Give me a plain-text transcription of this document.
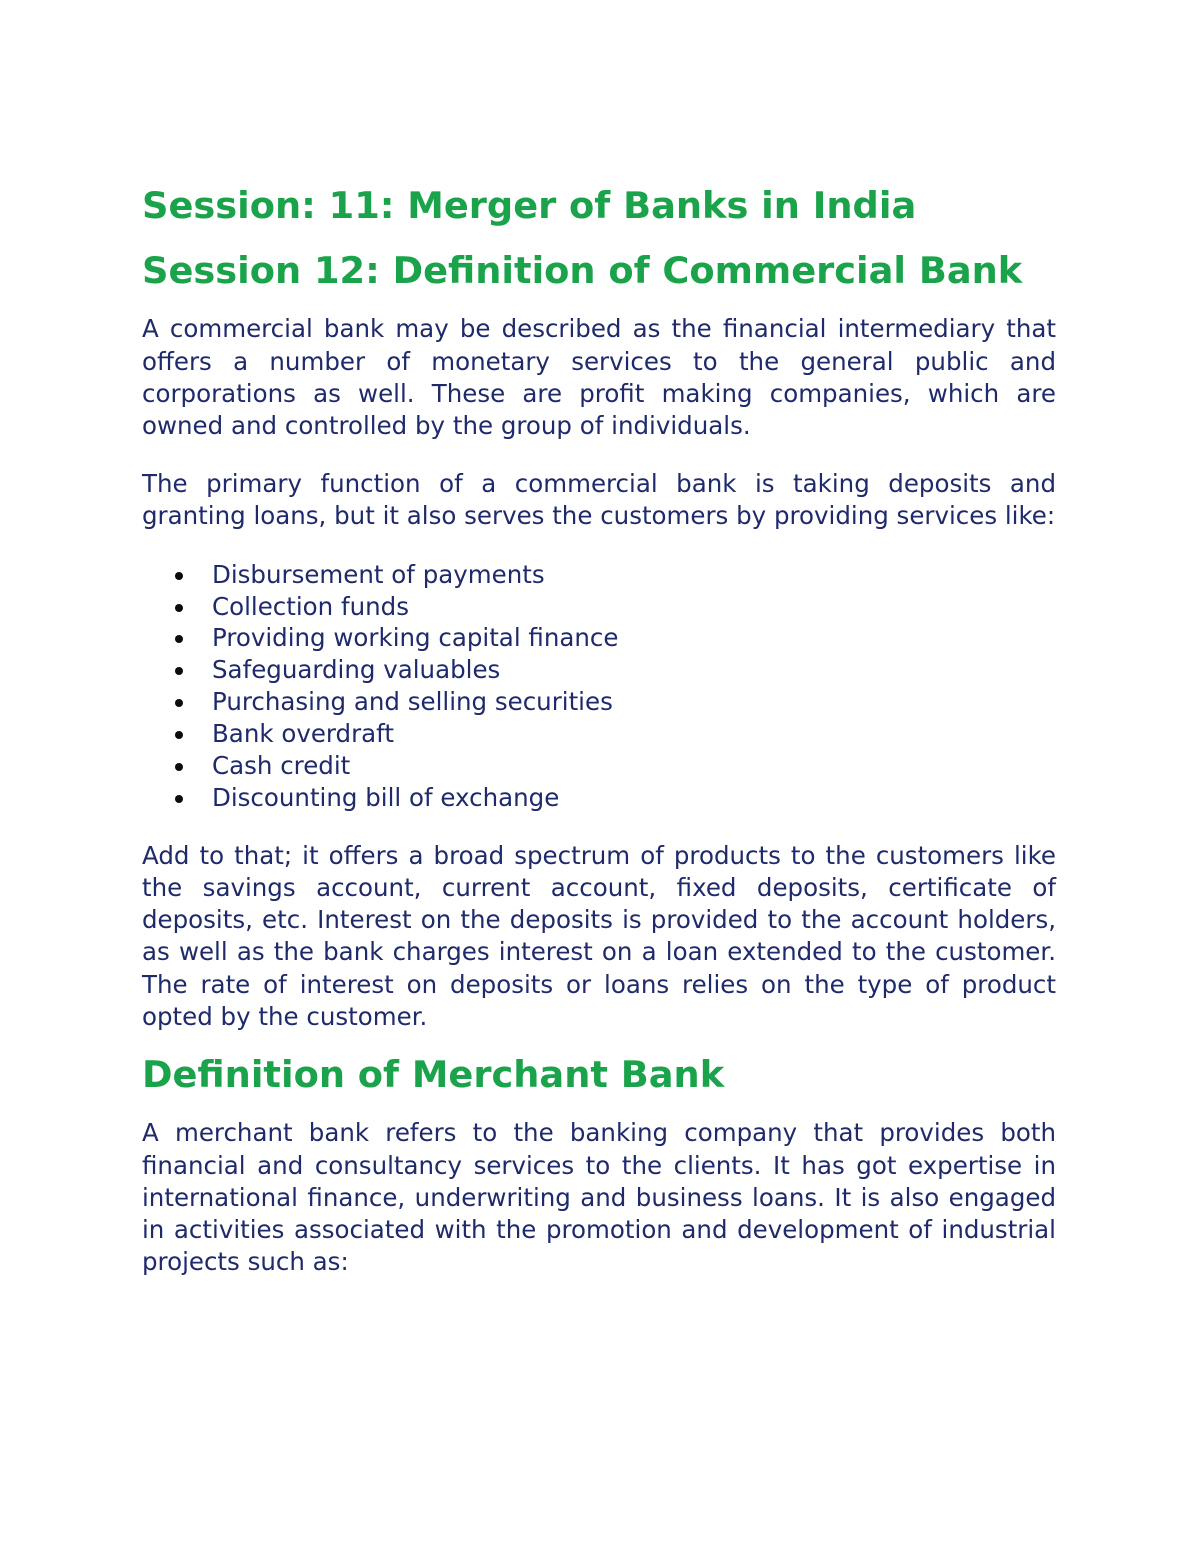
Session: 11: Merger of Banks in India
Session 12: Definition of Commercial Bank

A commercial bank may be described as the financial intermediary that offers a number of monetary services to the general public and corporations as well. These are profit making companies, which are owned and controlled by the group of individuals.

The primary function of a commercial bank is taking deposits and granting loans, but it also serves the customers by providing services like:

Disbursement of payments
Collection funds
Providing working capital finance
Safeguarding valuables
Purchasing and selling securities
Bank overdraft
Cash credit
Discounting bill of exchange

Add to that; it offers a broad spectrum of products to the customers like the savings account, current account, fixed deposits, certificate of deposits, etc. Interest on the deposits is provided to the account holders, as well as the bank charges interest on a loan extended to the customer. The rate of interest on deposits or loans relies on the type of product opted by the customer.

Definition of Merchant Bank

A merchant bank refers to the banking company that provides both financial and consultancy services to the clients. It has got expertise in international finance, underwriting and business loans. It is also engaged in activities associated with the promotion and development of industrial projects such as:
